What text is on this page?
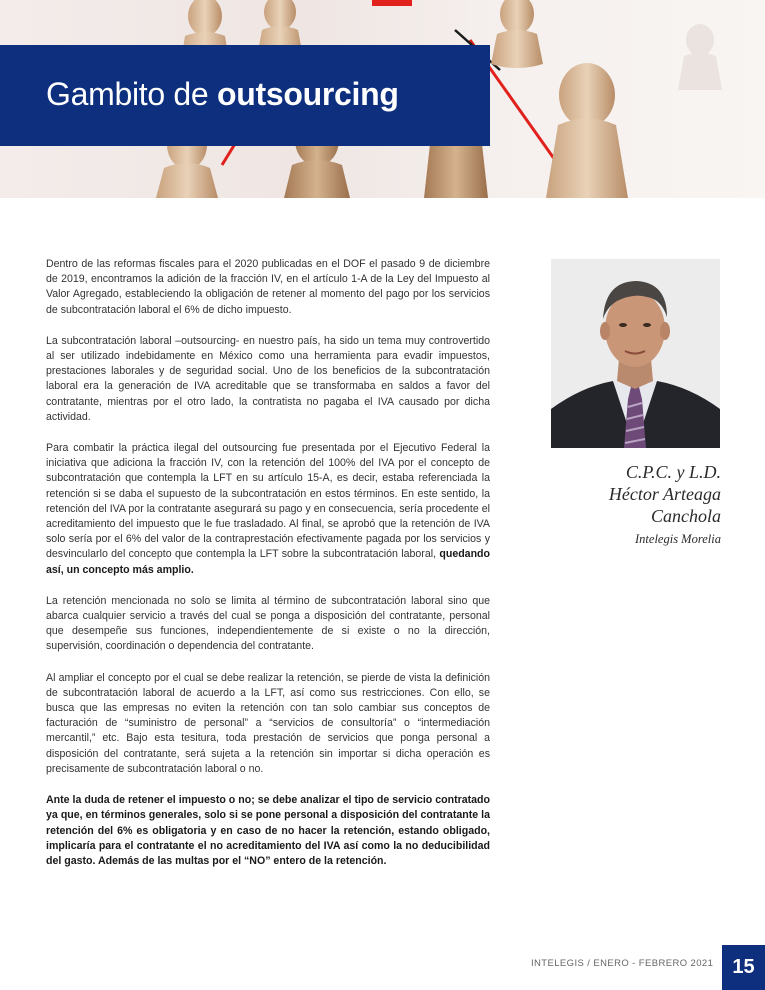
Gambito de outsourcing

Dentro de las reformas fiscales para el 2020 publicadas en el DOF el pasado 9 de diciembre de 2019, encontramos la adición de la fracción IV, en el artículo 1-A de la Ley del Impuesto al Valor Agregado, estableciendo la obligación de retener al momento del pago por los servicios de subcontratación laboral el 6% de dicho impuesto.

La subcontratación laboral –outsourcing- en nuestro país, ha sido un tema muy controvertido al ser utilizado indebidamente en México como una herramienta para evadir impuestos, prestaciones laborales y de seguridad social. Uno de los beneficios de la subcontratación laboral era la generación de IVA acreditable que se transformaba en saldos a favor del contratante, mientras por el otro lado, la contratista no pagaba el IVA causado por dicha actividad.

Para combatir la práctica ilegal del outsourcing fue presentada por el Ejecutivo Federal la iniciativa que adiciona la fracción IV, con la retención del 100% del IVA por el concepto de subcontratación que contempla la LFT en su artículo 15-A, es decir, estaba referenciada la retención si se daba el supuesto de la subcontratación en estos términos. En este sentido, la retención del IVA por la contratante asegurará su pago y en consecuencia, sería procedente el acreditamiento del impuesto que le fue trasladado. Al final, se aprobó que la retención de IVA solo sería por el 6% del valor de la contraprestación efectivamente pagada por los servicios y desvincularlo del concepto que contempla la LFT sobre la subcontratación laboral, quedando así, un concepto más amplio.

La retención mencionada no solo se limita al término de subcontratación laboral sino que abarca cualquier servicio a través del cual se ponga a disposición del contratante, personal que desempeñe sus funciones, independientemente de si existe o no la dirección, supervisión, coordinación o dependencia del contratante.

Al ampliar el concepto por el cual se debe realizar la retención, se pierde de vista la definición de subcontratación laboral de acuerdo a la LFT, así como sus restricciones. Con ello, se busca que las empresas no eviten la retención con tan solo cambiar sus conceptos de facturación de “suministro de personal” a “servicios de consultoría” o “intermediación mercantil,” etc. Bajo esta tesitura, toda prestación de servicios que ponga personal a disposición del contratante, será sujeta a la retención sin importar si dicha operación es precisamente de subcontratación laboral o no.

Ante la duda de retener el impuesto o no; se debe analizar el tipo de servicio contratado ya que, en términos generales, solo si se pone personal a disposición del contratante la retención del 6% es obligatoria y en caso de no hacer la retención, estando obligado, implicaría para el contratante el no acreditamiento del IVA así como la no deducibilidad del gasto. Además de las multas por el “NO” entero de la retención.

C.P.C. y L.D.
Héctor Arteaga Canchola
Intelegis Morelia
INTELEGIS / ENERO - FEBRERO 2021 15
